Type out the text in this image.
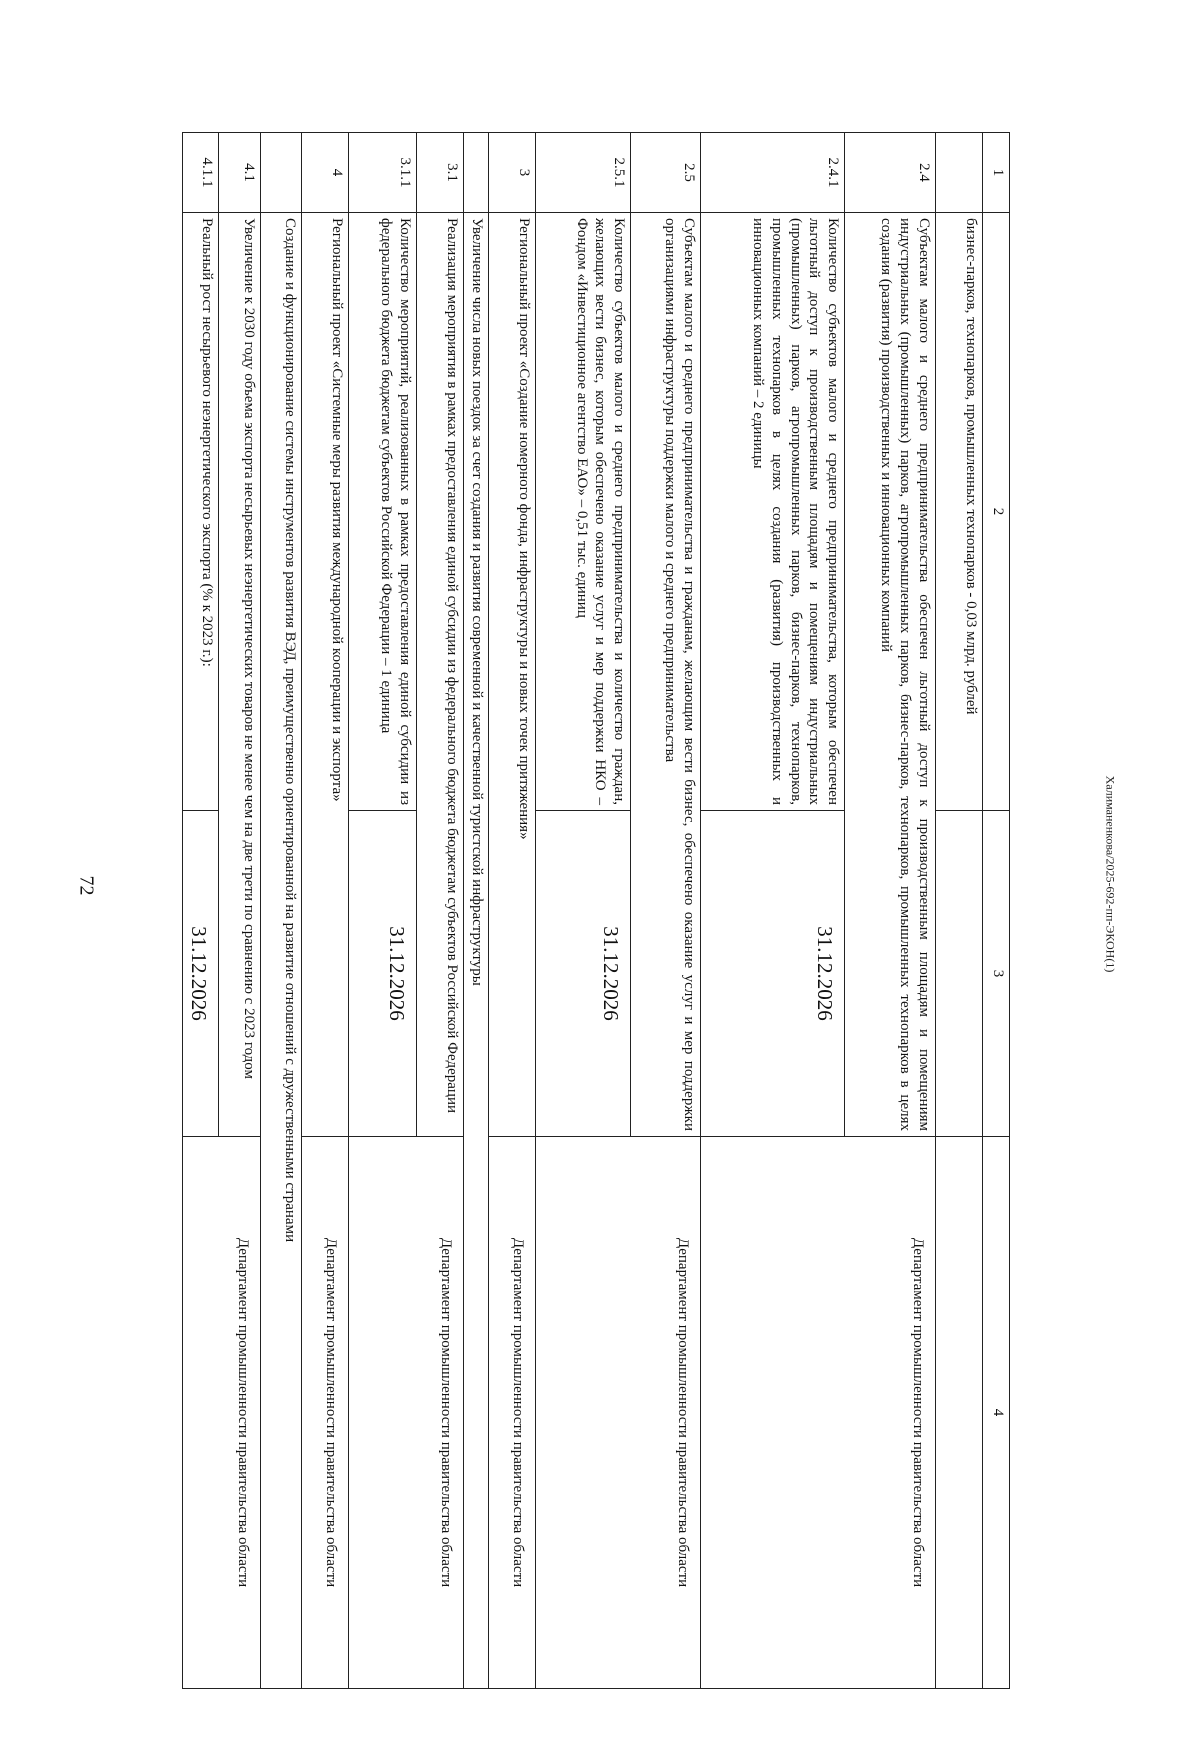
72	Халиманенкова/2025-692-пп-ЭКОН(1)
1	2	3	4
	бизнес-парков, технопарков, промышленных технопарков - 0,03 млрд. рублей		
2.4	Субъектам малого и среднего предпринимательства обеспечен льготный доступ к производственным площадям и помещениям индустриальных (промышленных) парков, агропромышленных парков, бизнес-парков, технопарков, промышленных технопарков в целях создания (развития) производственных и инновационных компаний		Департамент промышленности правительства области
2.4.1	Количество субъектов малого и среднего предпринимательства, которым обеспечен льготный доступ к производственным площадям и помещениям индустриальных (промышленных) парков, агропромышленных парков, бизнес-парков, технопарков, промышленных технопарков в целях создания (развития) производственных и инновационных компаний – 2 единицы	31.12.2026	
2.5	Субъектам малого и среднего предпринимательства и гражданам, желающим вести бизнес, обеспечено оказание услуг и мер поддержки организациями инфраструктуры поддержки малого и среднего предпринимательства		Департамент промышленности правительства области
2.5.1	Количество субъектов малого и среднего предпринимательства и количество граждан, желающих вести бизнес, которым обеспечено оказание услуг и мер поддержки НКО – Фондом «Инвестиционное агентство ЕАО» – 0,51 тыс. единиц	31.12.2026	
3	Региональный проект «Создание номерного фонда, инфраструктуры и новых точек притяжения»		Департамент промышленности правительства области
	Увеличение числа новых поездок за счет создания и развития современной и качественной туристской инфраструктуры		
3.1	Реализация мероприятия в рамках предоставления единой субсидии из федерального бюджета бюджетам субъектов Российской Федерации		Департамент промышленности правительства области
3.1.1	Количество мероприятий, реализованных в рамках предоставления единой субсидии из федерального бюджета бюджетам субъектов Российской Федерации – 1 единица	31.12.2026	
4	Региональный проект «Системные меры развития международной кооперации и экспорта»		Департамент промышленности правительства области
	Создание и функционирование системы инструментов развития ВЭД, преимущественно ориентированной на развитие отношений с дружественными странами		
4.1	Увеличение к 2030 году объема экспорта несырьевых неэнергетических товаров не менее чем на две трети по сравнению с 2023 годом		Департамент промышленности правительства области
4.1.1	Реальный рост несырьевого неэнергетического экспорта (% к 2023 г.):	31.12.2026	
